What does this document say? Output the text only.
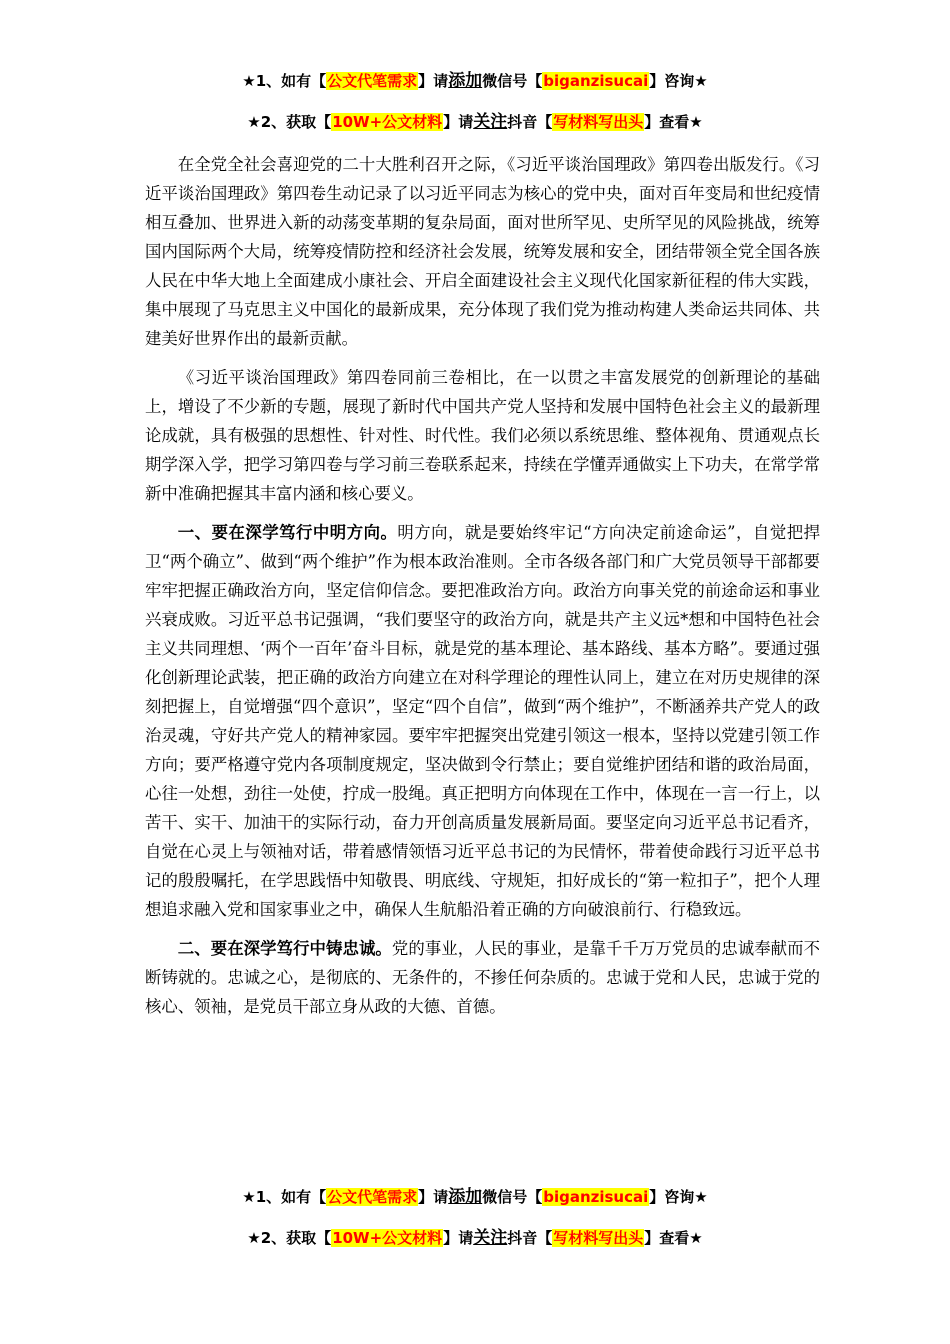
★1、如有【公文代笔需求】请添加微信号【biganzisucai】咨询★
★2、获取【10W+公文材料】请关注抖音【写材料写出头】查看★

在全党全社会喜迎党的二十大胜利召开之际，《习近平谈治国理政》第四卷出版发行。《习近平谈治国理政》第四卷生动记录了以习近平同志为核心的党中央，面对百年变局和世纪疫情相互叠加、世界进入新的动荡变革期的复杂局面，面对世所罕见、史所罕见的风险挑战，统筹国内国际两个大局，统筹疫情防控和经济社会发展，统筹发展和安全，团结带领全党全国各族人民在中华大地上全面建成小康社会、开启全面建设社会主义现代化国家新征程的伟大实践，集中展现了马克思主义中国化的最新成果，充分体现了我们党为推动构建人类命运共同体、共建美好世界作出的最新贡献。

《习近平谈治国理政》第四卷同前三卷相比，在一以贯之丰富发展党的创新理论的基础上，增设了不少新的专题，展现了新时代中国共产党人坚持和发展中国特色社会主义的最新理论成就，具有极强的思想性、针对性、时代性。我们必须以系统思维、整体视角、贯通观点长期学深入学，把学习第四卷与学习前三卷联系起来，持续在学懂弄通做实上下功夫，在常学常新中准确把握其丰富内涵和核心要义。

一、要在深学笃行中明方向。明方向，就是要始终牢记“方向决定前途命运”，自觉把捍卫“两个确立”、做到“两个维护”作为根本政治准则。全市各级各部门和广大党员领导干部都要牢牢把握正确政治方向，坚定信仰信念。要把准政治方向。政治方向事关党的前途命运和事业兴衰成败。习近平总书记强调，“我们要坚守的政治方向，就是共产主义远*想和中国特色社会主义共同理想、‘两个一百年’奋斗目标，就是党的基本理论、基本路线、基本方略”。要通过强化创新理论武装，把正确的政治方向建立在对科学理论的理性认同上，建立在对历史规律的深刻把握上，自觉增强“四个意识”，坚定“四个自信”，做到“两个维护”，不断涵养共产党人的政治灵魂，守好共产党人的精神家园。要牢牢把握突出党建引领这一根本，坚持以党建引领工作方向；要严格遵守党内各项制度规定，坚决做到令行禁止；要自觉维护团结和谐的政治局面，心往一处想，劲往一处使，拧成一股绳。真正把明方向体现在工作中，体现在一言一行上，以苦干、实干、加油干的实际行动，奋力开创高质量发展新局面。要坚定向习近平总书记看齐，自觉在心灵上与领袖对话，带着感情领悟习近平总书记的为民情怀，带着使命践行习近平总书记的殷殷嘱托，在学思践悟中知敬畏、明底线、守规矩，扣好成长的“第一粒扣子”，把个人理想追求融入党和国家事业之中，确保人生航船沿着正确的方向破浪前行、行稳致远。

二、要在深学笃行中铸忠诚。党的事业，人民的事业，是靠千千万万党员的忠诚奉献而不断铸就的。忠诚之心，是彻底的、无条件的，不掺任何杂质的。忠诚于党和人民，忠诚于党的核心、领袖，是党员干部立身从政的大德、首德。

★1、如有【公文代笔需求】请添加微信号【biganzisucai】咨询★
★2、获取【10W+公文材料】请关注抖音【写材料写出头】查看★
